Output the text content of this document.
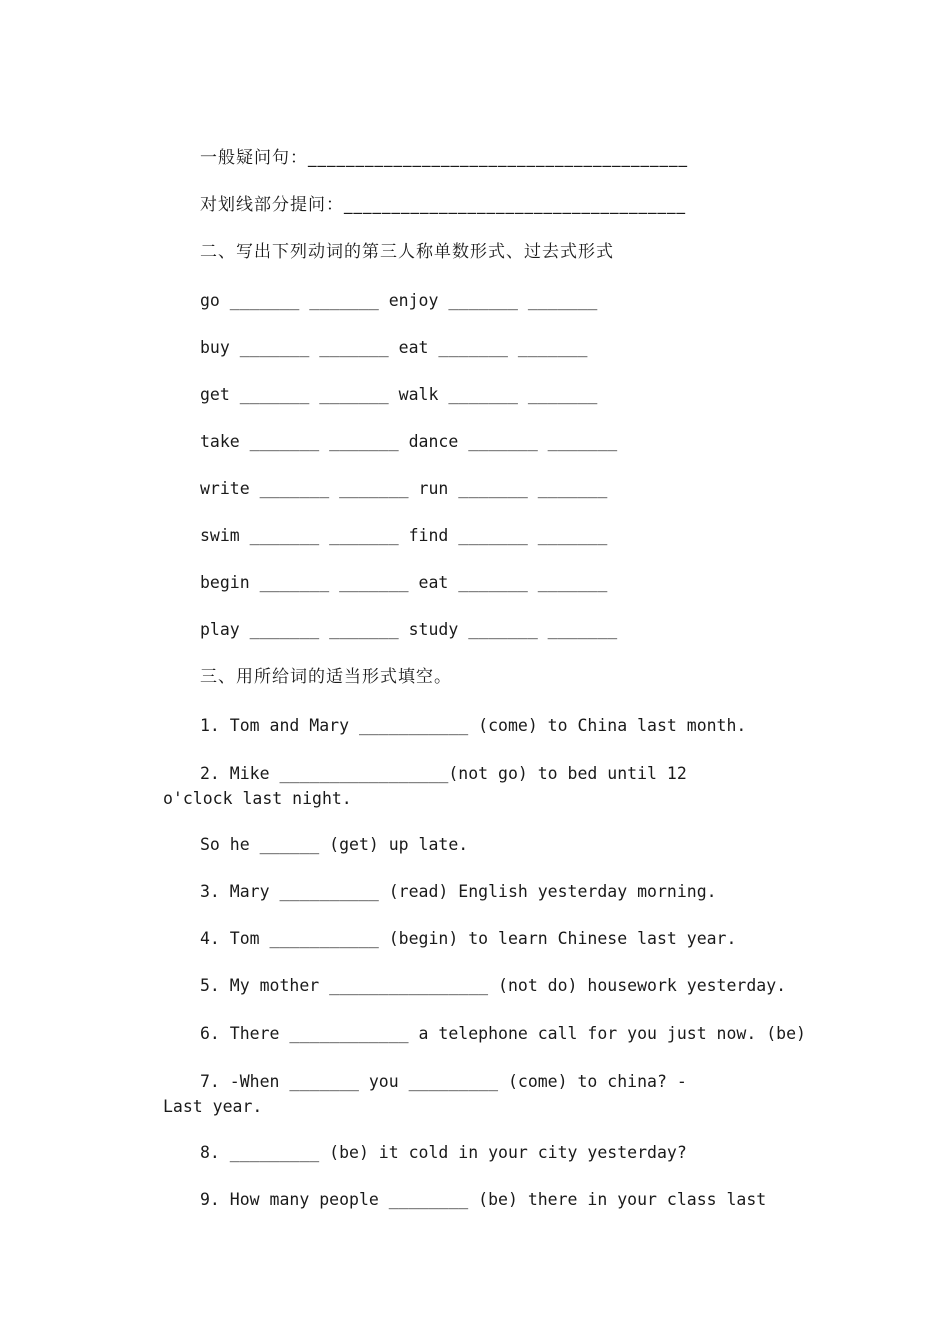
一般疑问句：________________________________________

对划线部分提问：____________________________________

二、写出下列动词的第三人称单数形式、过去式形式

go _______ _______ enjoy _______ _______

buy _______ _______ eat _______ _______

get _______ _______ walk _______ _______

take _______ _______ dance _______ _______

write _______ _______ run _______ _______

swim _______ _______ find _______ _______

begin _______ _______ eat _______ _______

play _______ _______ study _______ _______

三、用所给词的适当形式填空。

1. Tom and Mary ___________ (come) to China last month.

2. Mike _________________(not go) to bed until 12 o'clock last night.

So he ______ (get) up late.

3. Mary __________ (read) English yesterday morning.

4. Tom ___________ (begin) to learn Chinese last year.

5. My mother ________________ (not do) housework yesterday.

6. There ____________ a telephone call for you just now. (be)

7. -When _______ you _________ (come) to china? -Last year.

8. _________ (be) it cold in your city yesterday?

9. How many people ________ (be) there in your class last
